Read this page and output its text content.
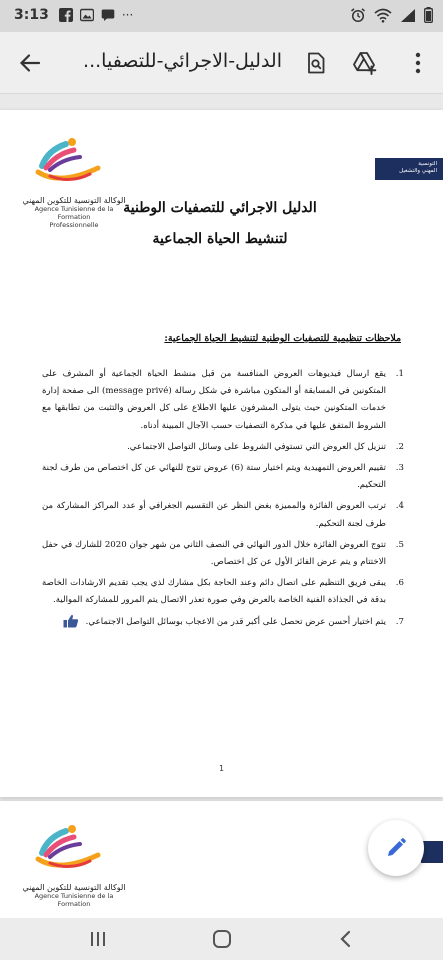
3:13	···
الدليل-الاجرائي-للتصفيا...
الوكالة التونسية للتكوين المهني
Agence Tunisienne de la Formation
Professionnelle
التونسية
المهني والتشغيل
الدليل الاجرائي للتصفيات الوطنية
لتنشيط الحياة الجماعية
ملاحظات تنظيمية للتصفيات الوطنية لتنشيط الحياة الجماعية:
1.
يقع ارسال فيديوهات العروض المنافسة من قبل منشط الحياة الجماعية أو المشرف على المتكونين في المسابقة أو المتكون مباشرة في شكل رسالة (message privé) الى صفحة إدارة خدمات المتكونين حيث يتولى المشرفون عليها الاطلاع على كل العروض والتثبت من تطابقها مع الشروط المتفق عليها في مذكرة التصفيات حسب الآجال المبينة أدناه.
2.
تنزيل كل العروض التي تستوفي الشروط على وسائل التواصل الاجتماعي.
3.
تقييم العروض التمهيدية ويتم اختيار ستة (6) عروض تتوج للنهائي عن كل اختصاص من طرف لجنة التحكيم.
4.
ترتب العروض الفائزة والمميزة بغض النظر عن التقسيم الجغرافي أو عدد المراكز المشاركة من طرف لجنة التحكيم.
5.
تتوج العروض الفائزة خلال الدور النهائي في النصف الثاني من شهر جوان 2020 للشارك في حفل الاختتام و يتم عرض الفائز الأول عن كل اختصاص.
6.
يبقى فريق التنظيم على اتصال دائم وعند الحاجة بكل مشارك لذي يجب تقديم الارشادات الخاصة بدقة في الجذاذة الفنية الخاصة بالعرض وفي صورة تعذر الاتصال يتم المرور للمشاركة الموالية.
7.
يتم اختيار أحسن عرض تحصل على أكبر قدر من الاعجاب بوسائل التواصل الاجتماعي.
1
الوكالة التونسية للتكوين المهني
Agence Tunisienne de la Formation
